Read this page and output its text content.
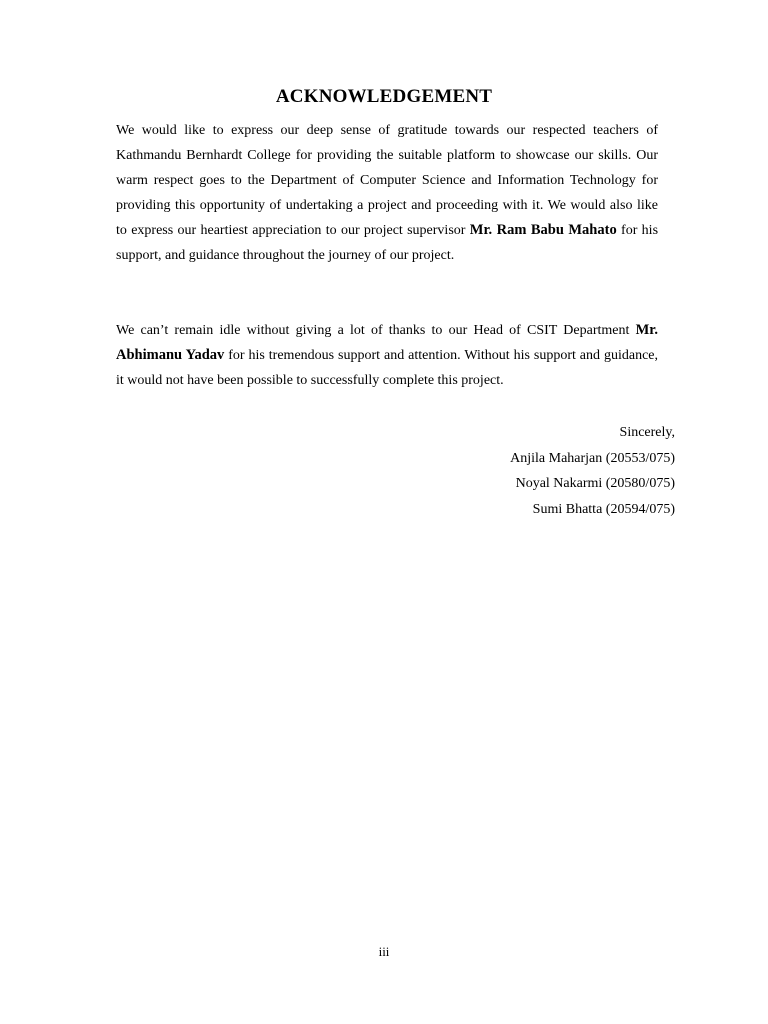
ACKNOWLEDGEMENT
We would like to express our deep sense of gratitude towards our respected teachers of Kathmandu Bernhardt College for providing the suitable platform to showcase our skills. Our warm respect goes to the Department of Computer Science and Information Technology for providing this opportunity of undertaking a project and proceeding with it. We would also like to express our heartiest appreciation to our project supervisor Mr. Ram Babu Mahato for his support, and guidance throughout the journey of our project.
We can’t remain idle without giving a lot of thanks to our Head of CSIT Department Mr. Abhimanu Yadav for his tremendous support and attention. Without his support and guidance, it would not have been possible to successfully complete this project.
Sincerely,
Anjila Maharjan (20553/075)
Noyal Nakarmi (20580/075)
Sumi Bhatta (20594/075)
iii
